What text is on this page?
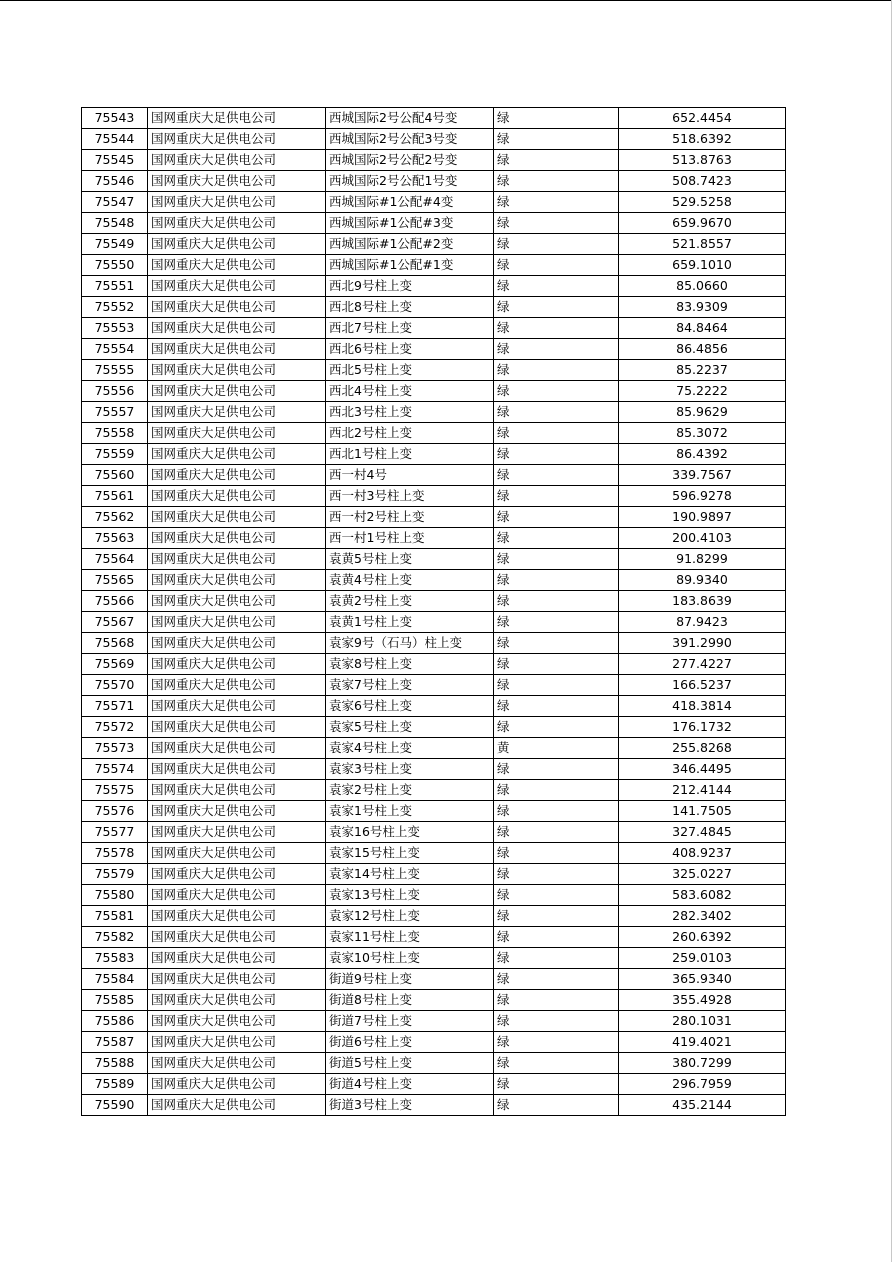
75543	国网重庆大足供电公司	西城国际2号公配4号变	绿	652.4454
75544	国网重庆大足供电公司	西城国际2号公配3号变	绿	518.6392
75545	国网重庆大足供电公司	西城国际2号公配2号变	绿	513.8763
75546	国网重庆大足供电公司	西城国际2号公配1号变	绿	508.7423
75547	国网重庆大足供电公司	西城国际#1公配#4变	绿	529.5258
75548	国网重庆大足供电公司	西城国际#1公配#3变	绿	659.9670
75549	国网重庆大足供电公司	西城国际#1公配#2变	绿	521.8557
75550	国网重庆大足供电公司	西城国际#1公配#1变	绿	659.1010
75551	国网重庆大足供电公司	西北9号柱上变	绿	85.0660
75552	国网重庆大足供电公司	西北8号柱上变	绿	83.9309
75553	国网重庆大足供电公司	西北7号柱上变	绿	84.8464
75554	国网重庆大足供电公司	西北6号柱上变	绿	86.4856
75555	国网重庆大足供电公司	西北5号柱上变	绿	85.2237
75556	国网重庆大足供电公司	西北4号柱上变	绿	75.2222
75557	国网重庆大足供电公司	西北3号柱上变	绿	85.9629
75558	国网重庆大足供电公司	西北2号柱上变	绿	85.3072
75559	国网重庆大足供电公司	西北1号柱上变	绿	86.4392
75560	国网重庆大足供电公司	西一村4号	绿	339.7567
75561	国网重庆大足供电公司	西一村3号柱上变	绿	596.9278
75562	国网重庆大足供电公司	西一村2号柱上变	绿	190.9897
75563	国网重庆大足供电公司	西一村1号柱上变	绿	200.4103
75564	国网重庆大足供电公司	袁黄5号柱上变	绿	91.8299
75565	国网重庆大足供电公司	袁黄4号柱上变	绿	89.9340
75566	国网重庆大足供电公司	袁黄2号柱上变	绿	183.8639
75567	国网重庆大足供电公司	袁黄1号柱上变	绿	87.9423
75568	国网重庆大足供电公司	袁家9号（石马）柱上变	绿	391.2990
75569	国网重庆大足供电公司	袁家8号柱上变	绿	277.4227
75570	国网重庆大足供电公司	袁家7号柱上变	绿	166.5237
75571	国网重庆大足供电公司	袁家6号柱上变	绿	418.3814
75572	国网重庆大足供电公司	袁家5号柱上变	绿	176.1732
75573	国网重庆大足供电公司	袁家4号柱上变	黄	255.8268
75574	国网重庆大足供电公司	袁家3号柱上变	绿	346.4495
75575	国网重庆大足供电公司	袁家2号柱上变	绿	212.4144
75576	国网重庆大足供电公司	袁家1号柱上变	绿	141.7505
75577	国网重庆大足供电公司	袁家16号柱上变	绿	327.4845
75578	国网重庆大足供电公司	袁家15号柱上变	绿	408.9237
75579	国网重庆大足供电公司	袁家14号柱上变	绿	325.0227
75580	国网重庆大足供电公司	袁家13号柱上变	绿	583.6082
75581	国网重庆大足供电公司	袁家12号柱上变	绿	282.3402
75582	国网重庆大足供电公司	袁家11号柱上变	绿	260.6392
75583	国网重庆大足供电公司	袁家10号柱上变	绿	259.0103
75584	国网重庆大足供电公司	街道9号柱上变	绿	365.9340
75585	国网重庆大足供电公司	街道8号柱上变	绿	355.4928
75586	国网重庆大足供电公司	街道7号柱上变	绿	280.1031
75587	国网重庆大足供电公司	街道6号柱上变	绿	419.4021
75588	国网重庆大足供电公司	街道5号柱上变	绿	380.7299
75589	国网重庆大足供电公司	街道4号柱上变	绿	296.7959
75590	国网重庆大足供电公司	街道3号柱上变	绿	435.2144
